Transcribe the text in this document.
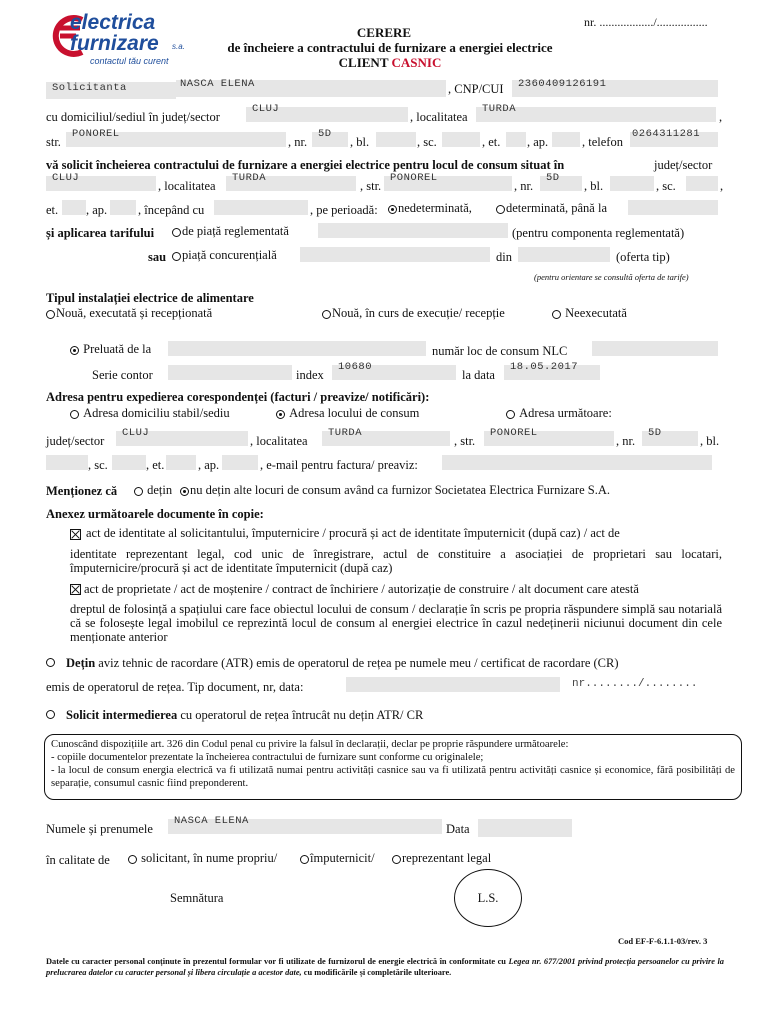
electrica
furnizare s.a.
contactul tău curent
CERERE
de încheiere a contractului de furnizare a energiei electrice
CLIENT CASNIC
nr. ................../.................
Solicitanta	NASCA ELENA	, CNP/CUI 2360409126191
cu domiciliul/sediul în județ/sector
CLUJ
, localitatea
TURDA
,
str.
PONOREL
, nr.
5D
, bl.	, sc.	, et. , ap.	, telefon
0264311281
vă solicit încheierea contractului de furnizare a energiei electrice pentru locul de consum situat în	județ/sector
CLUJ
, localitatea
TURDA
, str.
PONOREL
, nr.
5D
, bl.	, sc.	,
et. , ap. , începând cu	, pe perioadă:	nedeterminată,	determinată, până la
și aplicarea tarifului	de piață reglementată	(pentru componenta reglementată)
sau	piață concurențială	din	(oferta tip)
(pentru orientare se consultă oferta de tarife)
Tipul instalației electrice de alimentare
Nouă, executată și recepționată	Nouă, în curs de execuție/ recepție	Neexecutată
Preluată de la	număr loc de consum NLC
Serie contor	index
10680
la data
18.05.2017
Adresa pentru expedierea corespondenței (facturi / preavize/ notificări):
Adresa domiciliu stabil/sediu	Adresa locului de consum	Adresa următoare:
județ/sector
CLUJ
, localitatea
TURDA
, str.
PONOREL
, nr.
5D
, bl.
, sc.	, et.	, ap.	, e-mail pentru factura/ preaviz:
Menționez că	dețin	nu dețin alte locuri de consum având ca furnizor Societatea Electrica Furnizare S.A.
Anexez următoarele documente în copie:
act de identitate al solicitantului, împuternicire / procură și act de identitate împuternicit (după caz) / act de
identitate reprezentant legal, cod unic de înregistrare, actul de constituire a asociației de proprietari sau locatari, împuternicire/procură și act de identitate împuternicit (după caz)
act de proprietate / act de moștenire / contract de închiriere / autorizație de construire / alt document care atestă
dreptul de folosință a spațiului care face obiectul locului de consum / declarație în scris pe propria răspundere simplă sau notarială că se folosește legal imobilul ce reprezintă locul de consum al energiei electrice în cazul nedeținerii niciunui document din cele menționate anterior
Dețin aviz tehnic de racordare (ATR) emis de operatorul de rețea pe numele meu / certificat de racordare (CR)
emis de operatorul de rețea. Tip document, nr, data:	nr......../........
Solicit intermedierea cu operatorul de rețea întrucât nu dețin ATR/ CR
Cunoscând dispozițiile art. 326 din Codul penal cu privire la falsul în declarații, declar pe proprie răspundere următoarele:
- copiile documentelor prezentate la încheierea contractului de furnizare sunt conforme cu originalele;
- la locul de consum energia electrică va fi utilizată numai pentru activități casnice sau va fi utilizată pentru activități casnice și economice, fără posibilități de separație, consumul casnic fiind preponderent.
Numele și prenumele
NASCA ELENA
Data
în calitate de	solicitant, în nume propriu/	împuternicit/	reprezentant legal
Semnătura	L.S.
Cod EF-F-6.1.1-03/rev. 3
Datele cu caracter personal conținute în prezentul formular vor fi utilizate de furnizorul de energie electrică în conformitate cu Legea nr. 677/2001 privind protecția persoanelor cu privire la prelucrarea datelor cu caracter personal și libera circulație a acestor date, cu modificările și completările ulterioare.
